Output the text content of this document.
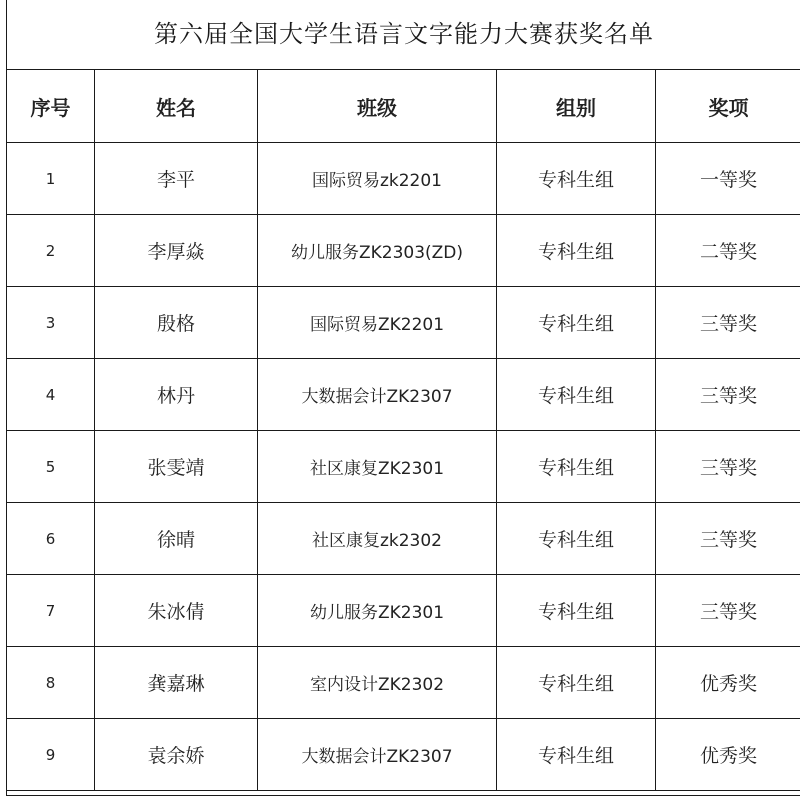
第六届全国大学生语言文字能力大赛获奖名单
序号	姓名	班级	组别	奖项
1	李平	国际贸易zk2201	专科生组	一等奖
2	李厚焱	幼儿服务ZK2303(ZD)	专科生组	二等奖
3	殷格	国际贸易ZK2201	专科生组	三等奖
4	林丹	大数据会计ZK2307	专科生组	三等奖
5	张雯靖	社区康复ZK2301	专科生组	三等奖
6	徐晴	社区康复zk2302	专科生组	三等奖
7	朱冰倩	幼儿服务ZK2301	专科生组	三等奖
8	龚嘉琳	室内设计ZK2302	专科生组	优秀奖
9	袁余娇	大数据会计ZK2307	专科生组	优秀奖
